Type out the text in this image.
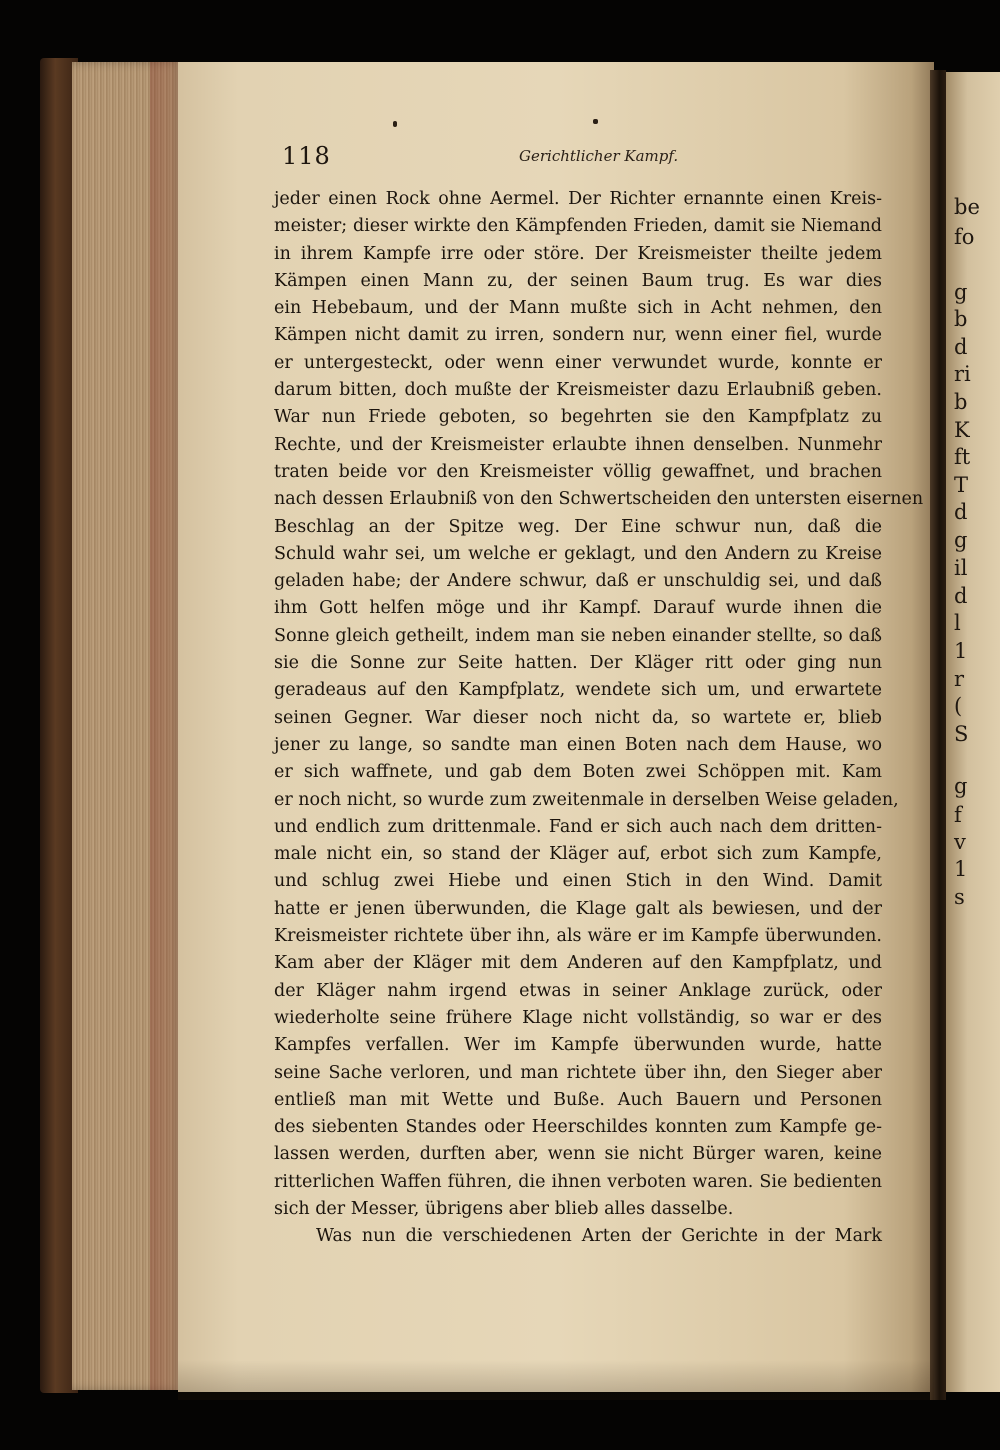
be
fo
g
b
d
ri
b
K
ft
T
d
g
il
d
l
1
r
(
S
g
f
v
1
s
118	Gerichtlicher Kampf.
jeder einen Rock ohne Aermel. Der Richter ernannte einen Kreis-
meister; dieser wirkte den Kämpfenden Frieden, damit sie Niemand
in ihrem Kampfe irre oder störe. Der Kreismeister theilte jedem
Kämpen einen Mann zu, der seinen Baum trug. Es war dies
ein Hebebaum, und der Mann mußte sich in Acht nehmen, den
Kämpen nicht damit zu irren, sondern nur, wenn einer fiel, wurde
er untergesteckt, oder wenn einer verwundet wurde, konnte er
darum bitten, doch mußte der Kreismeister dazu Erlaubniß geben.
War nun Friede geboten, so begehrten sie den Kampfplatz zu
Rechte, und der Kreismeister erlaubte ihnen denselben. Nunmehr
traten beide vor den Kreismeister völlig gewaffnet, und brachen
nach dessen Erlaubniß von den Schwertscheiden den untersten eisernen
Beschlag an der Spitze weg. Der Eine schwur nun, daß die
Schuld wahr sei, um welche er geklagt, und den Andern zu Kreise
geladen habe; der Andere schwur, daß er unschuldig sei, und daß
ihm Gott helfen möge und ihr Kampf. Darauf wurde ihnen die
Sonne gleich getheilt, indem man sie neben einander stellte, so daß
sie die Sonne zur Seite hatten. Der Kläger ritt oder ging nun
geradeaus auf den Kampfplatz, wendete sich um, und erwartete
seinen Gegner. War dieser noch nicht da, so wartete er, blieb
jener zu lange, so sandte man einen Boten nach dem Hause, wo
er sich waffnete, und gab dem Boten zwei Schöppen mit. Kam
er noch nicht, so wurde zum zweitenmale in derselben Weise geladen,
und endlich zum drittenmale. Fand er sich auch nach dem dritten-
male nicht ein, so stand der Kläger auf, erbot sich zum Kampfe,
und schlug zwei Hiebe und einen Stich in den Wind. Damit
hatte er jenen überwunden, die Klage galt als bewiesen, und der
Kreismeister richtete über ihn, als wäre er im Kampfe überwunden.
Kam aber der Kläger mit dem Anderen auf den Kampfplatz, und
der Kläger nahm irgend etwas in seiner Anklage zurück, oder
wiederholte seine frühere Klage nicht vollständig, so war er des
Kampfes verfallen. Wer im Kampfe überwunden wurde, hatte
seine Sache verloren, und man richtete über ihn, den Sieger aber
entließ man mit Wette und Buße. Auch Bauern und Personen
des siebenten Standes oder Heerschildes konnten zum Kampfe ge-
lassen werden, durften aber, wenn sie nicht Bürger waren, keine
ritterlichen Waffen führen, die ihnen verboten waren. Sie bedienten
sich der Messer, übrigens aber blieb alles dasselbe.
Was nun die verschiedenen Arten der Gerichte in der Mark
